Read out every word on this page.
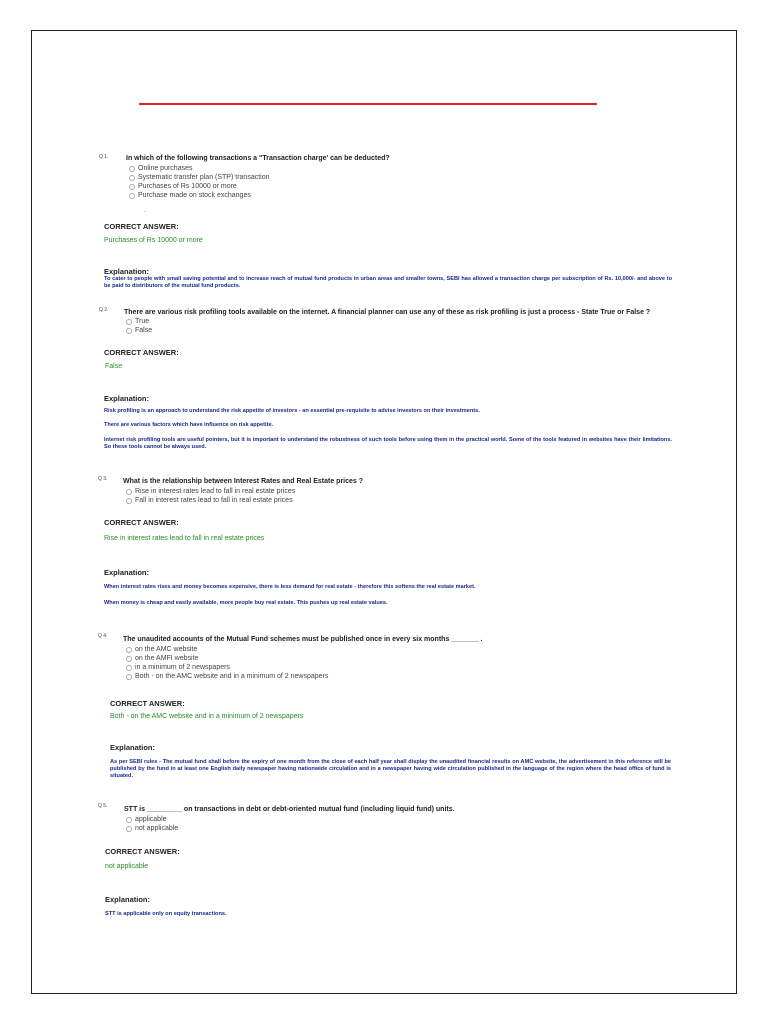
Q 1.	In which of the following transactions a "Transaction charge' can be deducted?
Online purchases
Systematic transfer plan (STP) transaction
Purchases of Rs 10000 or more
Purchase made on stock exchanges
.
CORRECT ANSWER:
Purchases of Rs 10000 or more
Explanation:
To cater to people with small saving potential and to increase reach of mutual fund products in urban areas and smaller towns, SEBI has allowed a transaction charge per subscription of Rs. 10,000/- and above to be paid to distributors of the mutual fund products.
Q 2. There are various risk profiling tools available on the internet. A financial planner can use any of these as risk profiling is just a process - State True or False ?
True
False
CORRECT ANSWER:
False
Explanation:
Risk profiling is an approach to understand the risk appetite of investors - an essential pre-requisite to advise investors on their investments.
There are various factors which have influence on risk appetite.
Internet risk profiling tools are useful pointers, but it is important to understand the robustness of such tools before using them in the practical world. Some of the tools featured in websites have their limitations. So these tools cannot be always used.
Q 3. What is the relationship between Interest Rates and Real Estate prices ?
Rise in interest rates lead to fall in real estate prices
Fall in interest rates lead to fall in real estate prices
CORRECT ANSWER:
Rise in interest rates lead to fall in real estate prices
Explanation:
When interest rates rises and money becomes expensive, there is less demand for real estate - therefore this softens the real estate market.
When money is cheap and easily available, more people buy real estate. This pushes up real estate values.
Q 4. The unaudited accounts of the Mutual Fund schemes must be published once in every six months _______ .
on the AMC website
on the AMFI website
in a minimum of 2 newspapers
Both - on the AMC website and in a minimum of 2 newspapers
CORRECT ANSWER:
Both - on the AMC website and in a minimum of 2 newspapers
Explanation:
As per SEBI rules - The mutual fund shall before the expiry of one month from the close of each half year shall display the unaudited financial results on AMC website, the advertisement in this reference will be published by the fund in at least one English daily newspaper having nationwide circulation and in a newspaper having wide circulation published in the language of the region where the head office of fund is situated.
Q 5. STT is _________ on transactions in debt or debt-oriented mutual fund (including liquid fund) units.
applicable
not applicable
CORRECT ANSWER:
not applicable
Explanation:
STT is applicable only on equity transactions.
